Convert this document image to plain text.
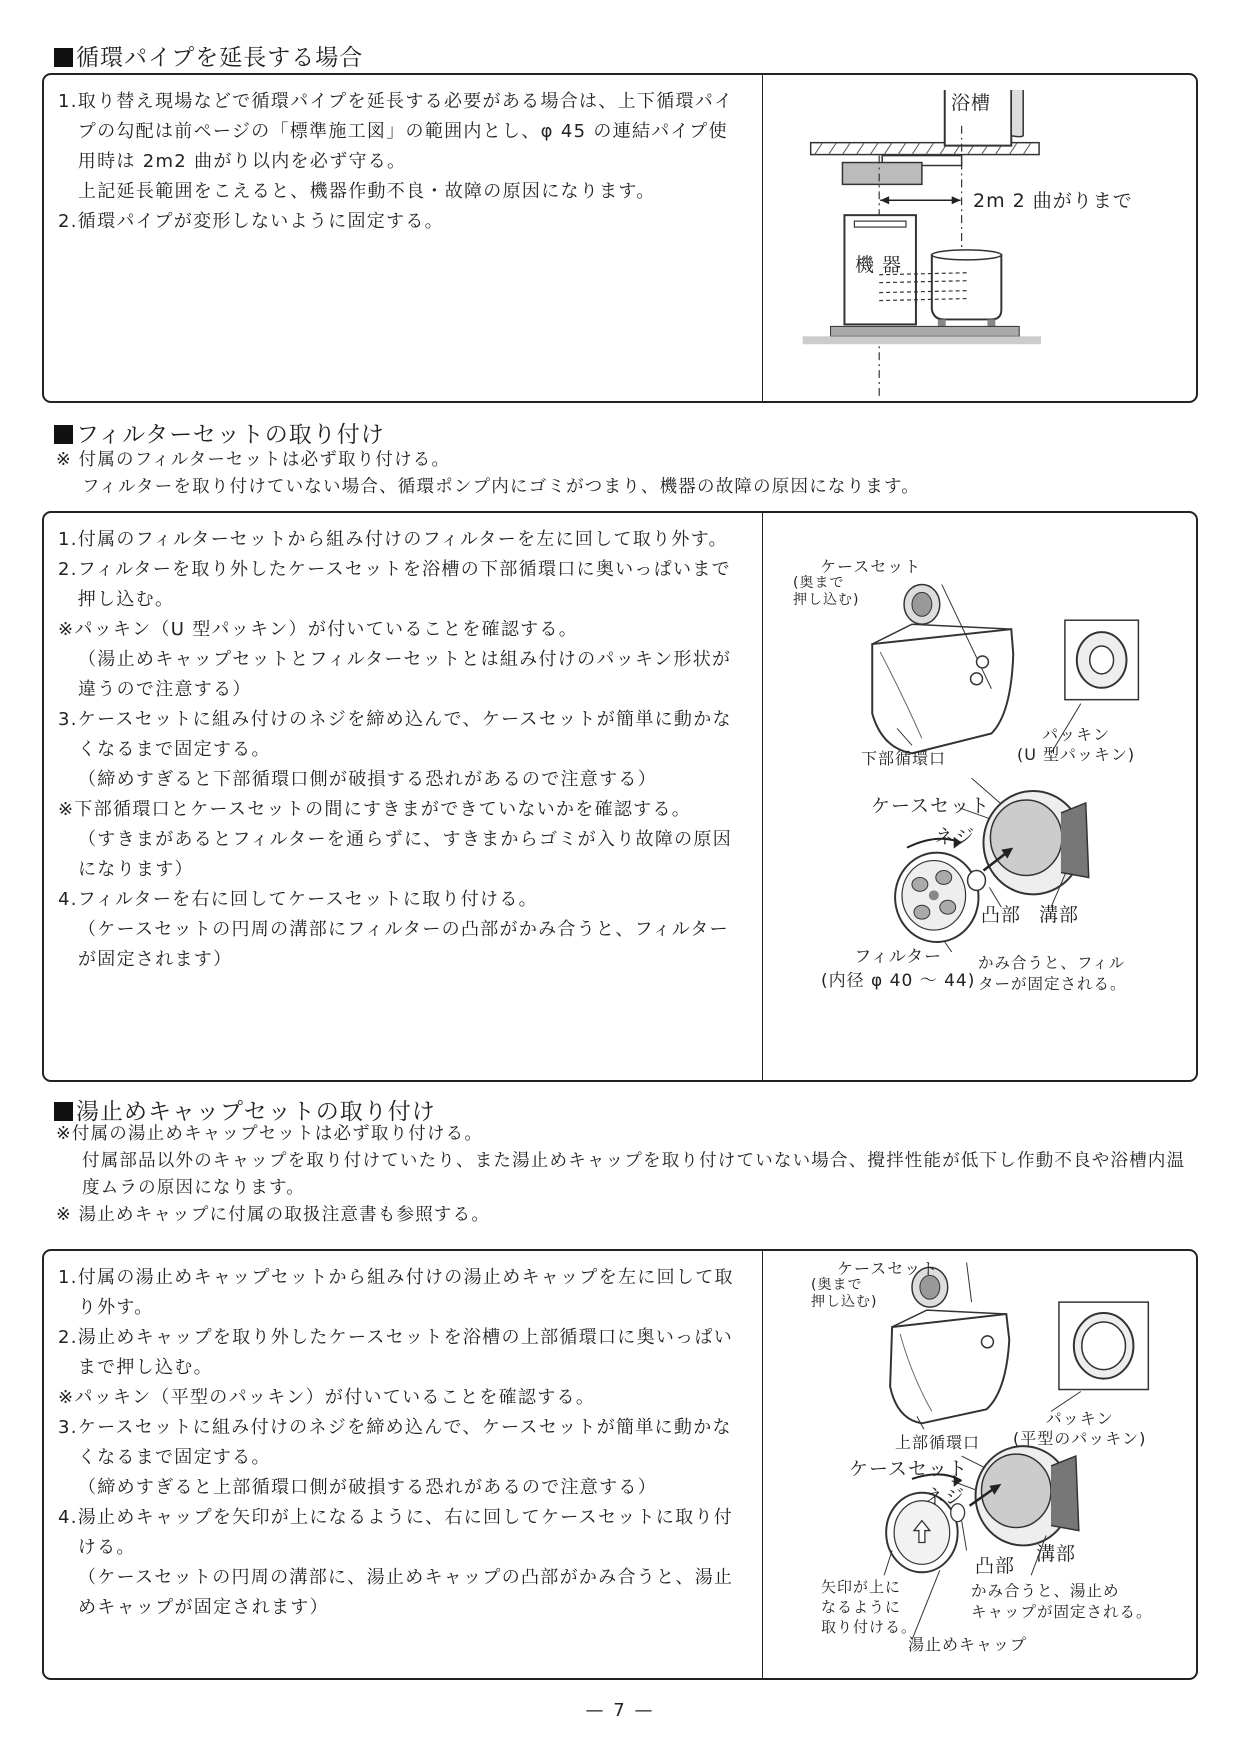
循環パイプを延長する場合
1. 取り替え現場などで循環パイプを延長する必要がある場合は、上下循環パイプの勾配は前ページの「標準施工図」の範囲内とし、φ 45 の連結パイプ使用時は 2m2 曲がり以内を必ず守る。
上記延長範囲をこえると、機器作動不良・故障の原因になります。
2. 循環パイプが変形しないように固定する。
浴槽
2m 2 曲がりまで
機 器
フィルターセットの取り付け
※ 付属のフィルターセットは必ず取り付ける。
フィルターを取り付けていない場合、循環ポンプ内にゴミがつまり、機器の故障の原因になります。
1. 付属のフィルターセットから組み付けのフィルターを左に回して取り外す。
2. フィルターを取り外したケースセットを浴槽の下部循環口に奥いっぱいまで押し込む。
※ パッキン（U 型パッキン）が付いていることを確認する。
（湯止めキャップセットとフィルターセットとは組み付けのパッキン形状が違うので注意する）
3. ケースセットに組み付けのネジを締め込んで、ケースセットが簡単に動かなくなるまで固定する。
（締めすぎると下部循環口側が破損する恐れがあるので注意する）
※ 下部循環口とケースセットの間にすきまができていないかを確認する。
（すきまがあるとフィルターを通らずに、すきまからゴミが入り故障の原因になります）
4. フィルターを右に回してケースセットに取り付ける。
（ケースセットの円周の溝部にフィルターの凸部がかみ合うと、フィルターが固定されます）
ケースセット
(奥まで
押し込む)
下部循環口
パッキン
(U 型パッキン)
ケースセット
ネジ
凸部 溝部
フィルター
(内径 φ 40 ～ 44)
かみ合うと、フィル
ターが固定される。
湯止めキャップセットの取り付け
※付属の湯止めキャップセットは必ず取り付ける。
付属部品以外のキャップを取り付けていたり、また湯止めキャップを取り付けていない場合、攪拌性能が低下し作動不良や浴槽内温度ムラの原因になります。
※ 湯止めキャップに付属の取扱注意書も参照する。
1. 付属の湯止めキャップセットから組み付けの湯止めキャップを左に回して取り外す。
2. 湯止めキャップを取り外したケースセットを浴槽の上部循環口に奥いっぱいまで押し込む。
※ パッキン（平型のパッキン）が付いていることを確認する。
3. ケースセットに組み付けのネジを締め込んで、ケースセットが簡単に動かなくなるまで固定する。
（締めすぎると上部循環口側が破損する恐れがあるので注意する）
4. 湯止めキャップを矢印が上になるように、右に回してケースセットに取り付ける。
（ケースセットの円周の溝部に、湯止めキャップの凸部がかみ合うと、湯止めキャップが固定されます）
ケースセット
(奥まで
押し込む)
上部循環口
パッキン
(平型のパッキン)
ケースセット
ネジ
凸部
溝部
矢印が上に
なるように
取り付ける。
かみ合うと、湯止め
キャップが固定される。
湯止めキャップ
— 7 —
